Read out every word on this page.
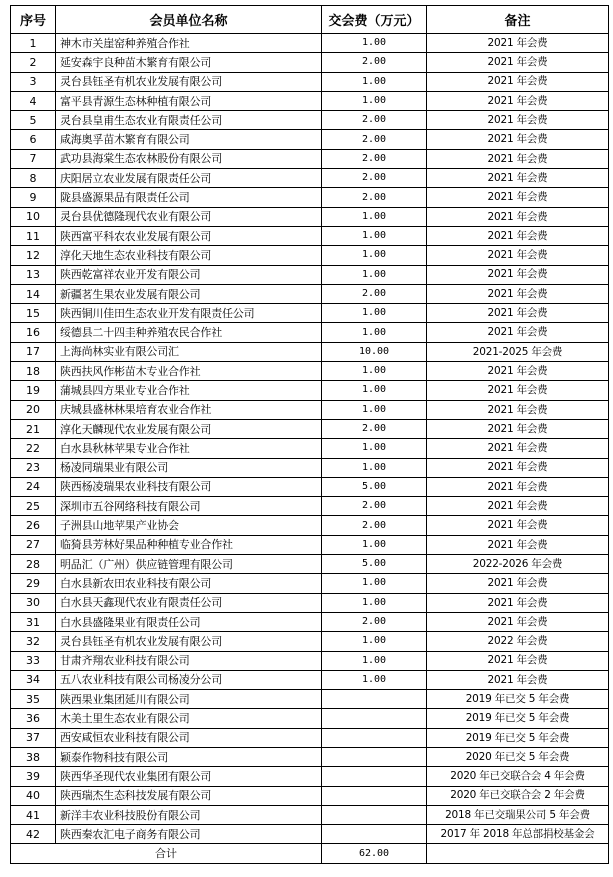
序号	会员单位名称	交会费（万元）	备注
1	神木市关崖窑种养殖合作社	1.00	2021 年会费
2	延安森宇良种苗木繁育有限公司	2.00	2021 年会费
3	灵台县钰圣有机农业发展有限公司	1.00	2021 年会费
4	富平县青源生态林种植有限公司	1.00	2021 年会费
5	灵台县皇甫生态农业有限责任公司	2.00	2021 年会费
6	咸海奥孚苗木繁育有限公司	2.00	2021 年会费
7	武功县海棠生态农林股份有限公司	2.00	2021 年会费
8	庆阳居立农业发展有限责任公司	2.00	2021 年会费
9	陇县盛源果品有限责任公司	2.00	2021 年会费
10	灵台县优德隆现代农业有限公司	1.00	2021 年会费
11	陕西富平科农农业发展有限公司	1.00	2021 年会费
12	淳化天地生态农业科技有限公司	1.00	2021 年会费
13	陕西乾富祥农业开发有限公司	1.00	2021 年会费
14	新疆茗生果农业发展有限公司	2.00	2021 年会费
15	陕西铜川佳田生态农业开发有限责任公司	1.00	2021 年会费
16	绥德县二十四圭种养殖农民合作社	1.00	2021 年会费
17	上海尚林实业有限公司汇	10.00	2021-2025 年会费
18	陕西扶风作彬苗木专业合作社	1.00	2021 年会费
19	蒲城县四方果业专业合作社	1.00	2021 年会费
20	庆城县盛林林果培育农业合作社	1.00	2021 年会费
21	淳化天麟现代农业发展有限公司	2.00	2021 年会费
22	白水县秋林苹果专业合作社	1.00	2021 年会费
23	杨凌同瑞果业有限公司	1.00	2021 年会费
24	陕西杨凌瑞果农业科技有限公司	5.00	2021 年会费
25	深圳市五谷网络科技有限公司	2.00	2021 年会费
26	子洲县山地苹果产业协会	2.00	2021 年会费
27	临猗县芳林好果品种种植专业合作社	1.00	2021 年会费
28	明品汇（广州）供应链管理有限公司	5.00	2022-2026 年会费
29	白水县新农田农业科技有限公司	1.00	2021 年会费
30	白水县天鑫现代农业有限责任公司	1.00	2021 年会费
31	白水县盛隆果业有限责任公司	2.00	2021 年会费
32	灵台县钰圣有机农业发展有限公司	1.00	2022 年会费
33	甘肃齐翔农业科技有限公司	1.00	2021 年会费
34	五八农业科技有限公司杨凌分公司	1.00	2021 年会费
35	陕西果业集团延川有限公司		2019 年已交 5 年会费
36	木美土里生态农业有限公司		2019 年已交 5 年会费
37	西安咸恒农业科技有限公司		2019 年已交 5 年会费
38	颖泰作物科技有限公司		2020 年已交 5 年会费
39	陕西华圣现代农业集团有限公司		2020 年已交联合会 4 年会费
40	陕西瑞杰生态科技发展有限公司		2020 年已交联合会 2 年会费
41	新洋丰农业科技股份有限公司		2018 年已交瑞果公司 5 年会费
42	陕西秦农汇电子商务有限公司		2017 年 2018 年总部捐校基金会
合计		62.00	
